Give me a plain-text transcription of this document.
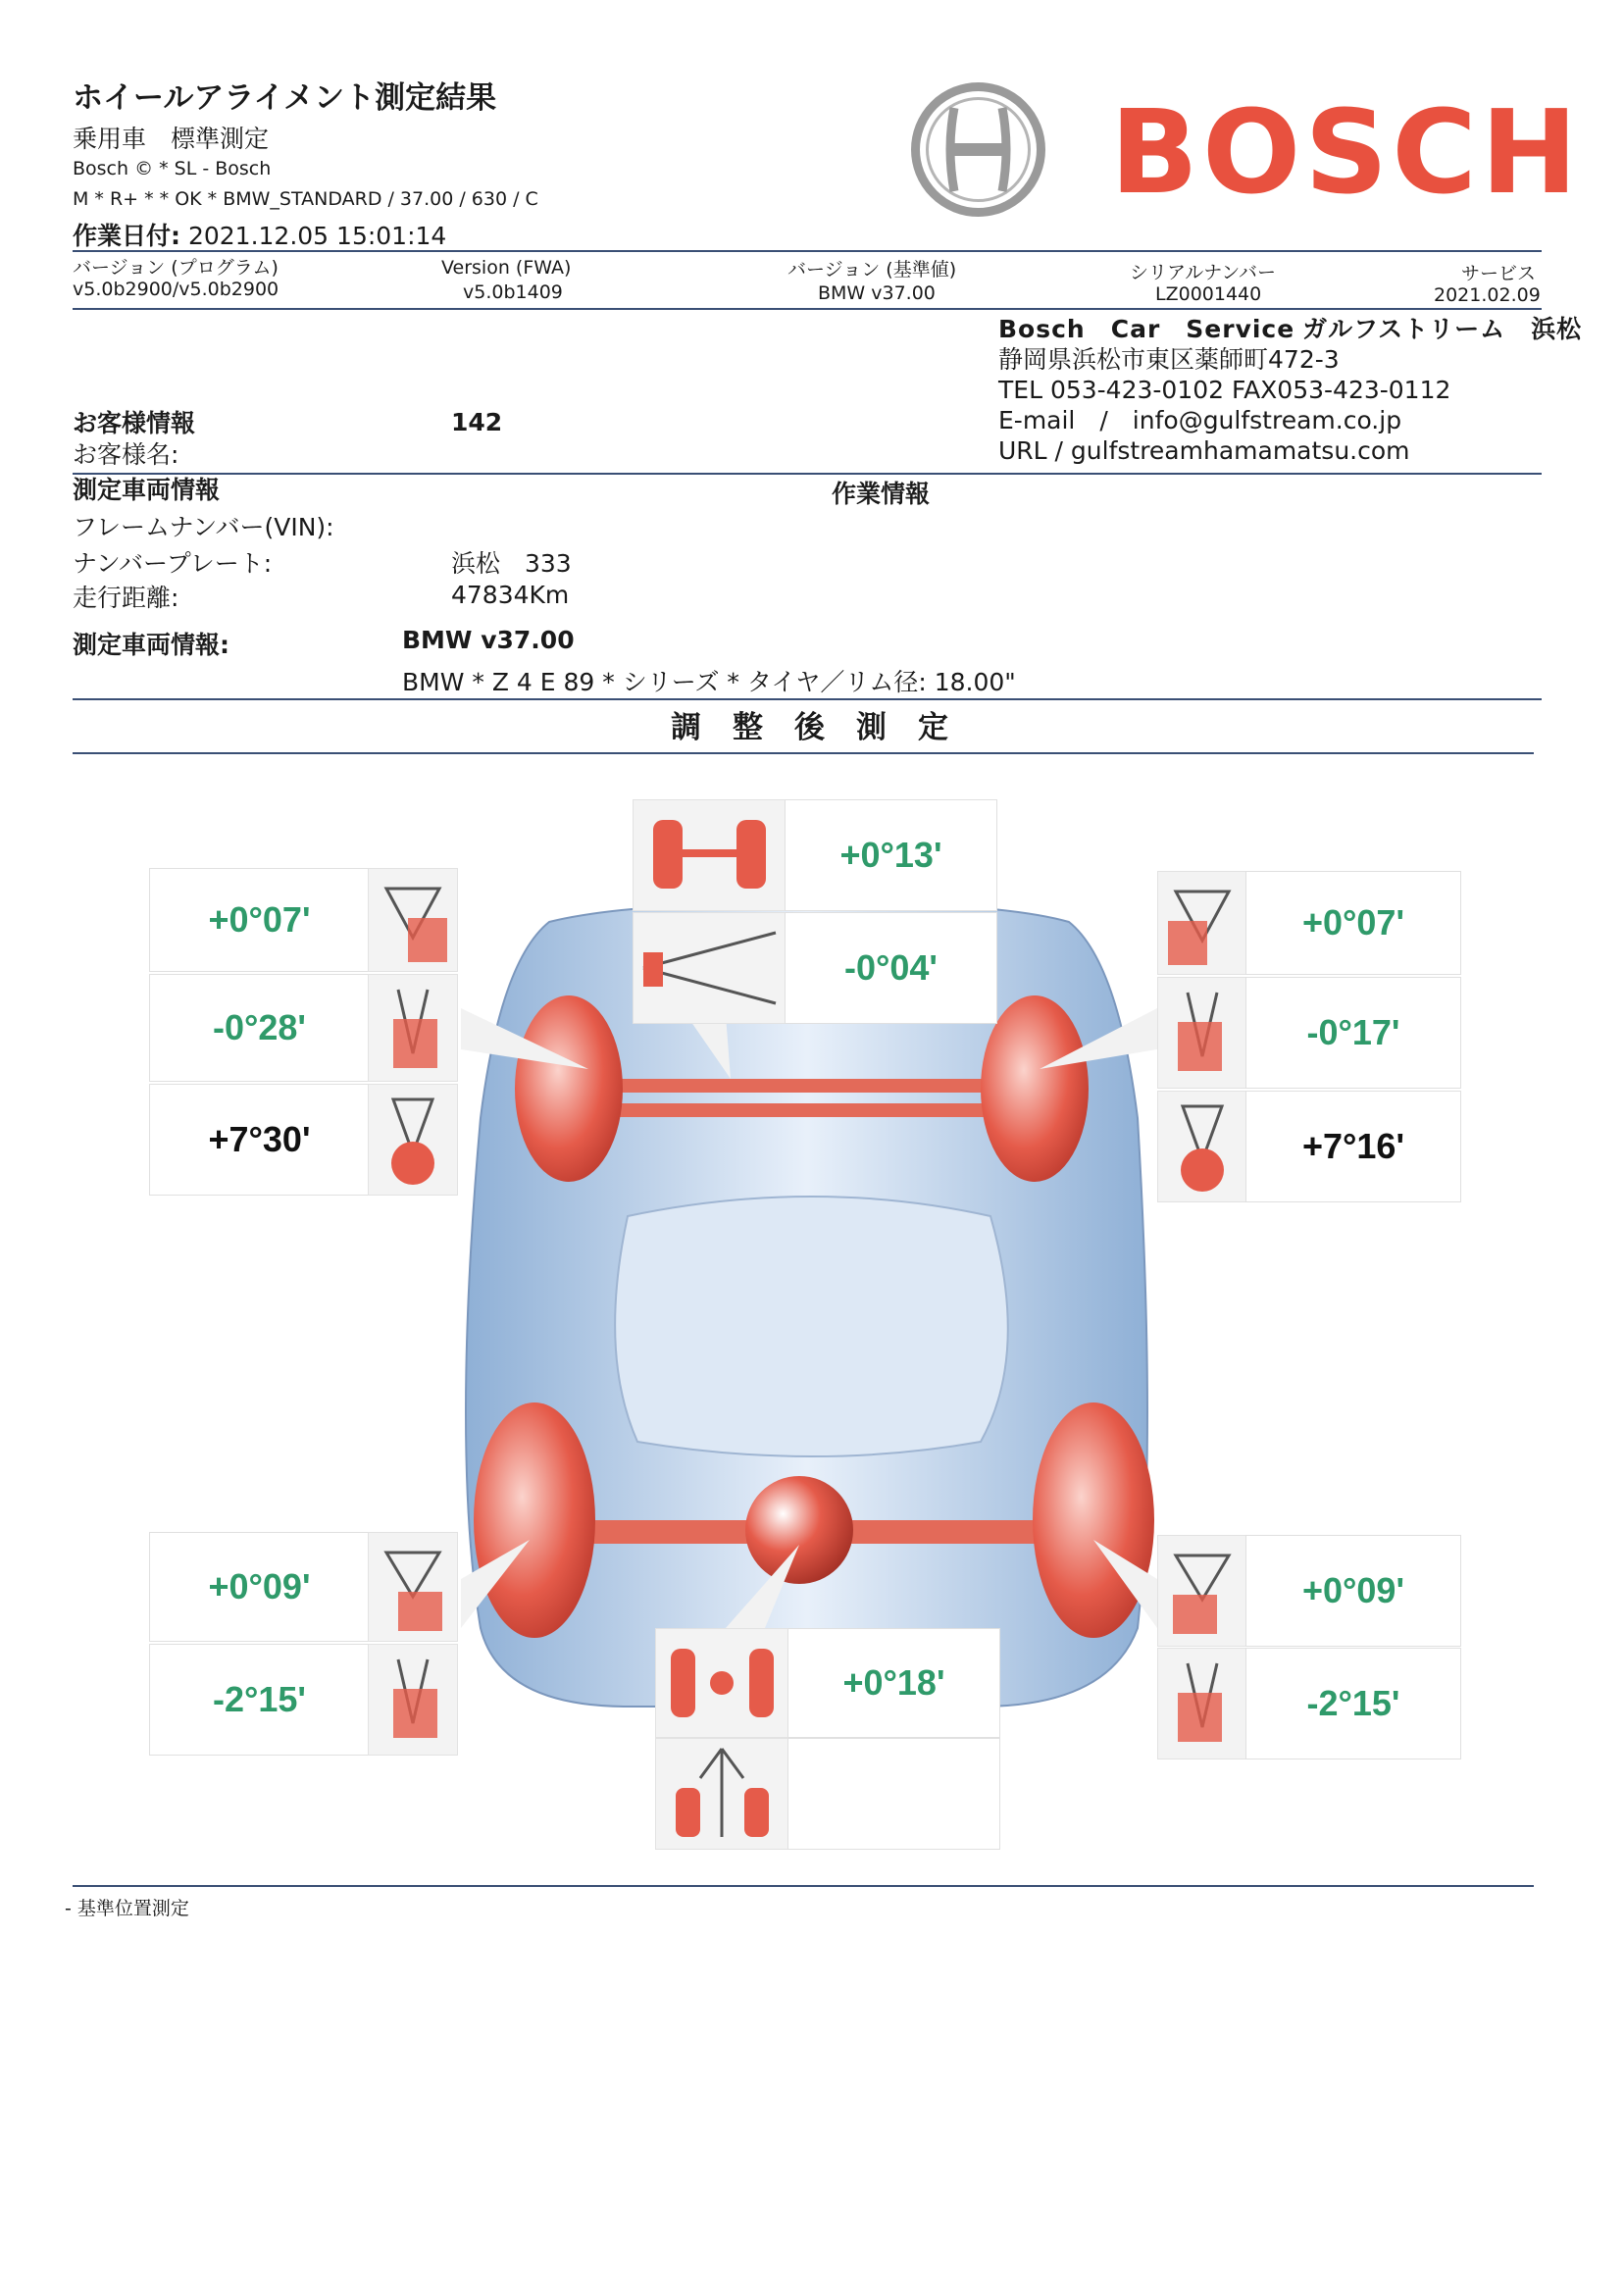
ホイールアライメント測定結果
乗用車　標準測定
Bosch © * SL - Bosch
M * R+ * * OK * BMW_STANDARD / 37.00 / 630 / C
作業日付: 2021.12.05 15:01:14
BOSCH
バージョン (プログラム)
v5.0b2900/v5.0b2900
Version (FWA)
v5.0b1409
バージョン (基準値)
BMW v37.00
シリアルナンバー
LZ0001440
サービス
2021.02.09
Bosch　Car　Service ガルフストリーム　浜松
静岡県浜松市東区薬師町472-3
TEL 053-423-0102 FAX053-423-0112
E-mail　/　info@gulfstream.co.jp
URL / gulfstreamhamamatsu.com
お客様情報	142
お客様名:
測定車両情報	作業情報
フレームナンバー(VIN):
ナンバープレート:	浜松　333
走行距離:	47834Km
測定車両情報:	BMW v37.00
BMW * Z 4 E 89 * シリーズ * タイヤ／リム径: 18.00"
調整後測定
+0°07'
-0°28'
+7°30'
+0°13'
-0°04'
+0°07'
-0°17'
+7°16'
+0°09'
-2°15'	+0°18'
+0°09'
-2°15'
- 基準位置測定
